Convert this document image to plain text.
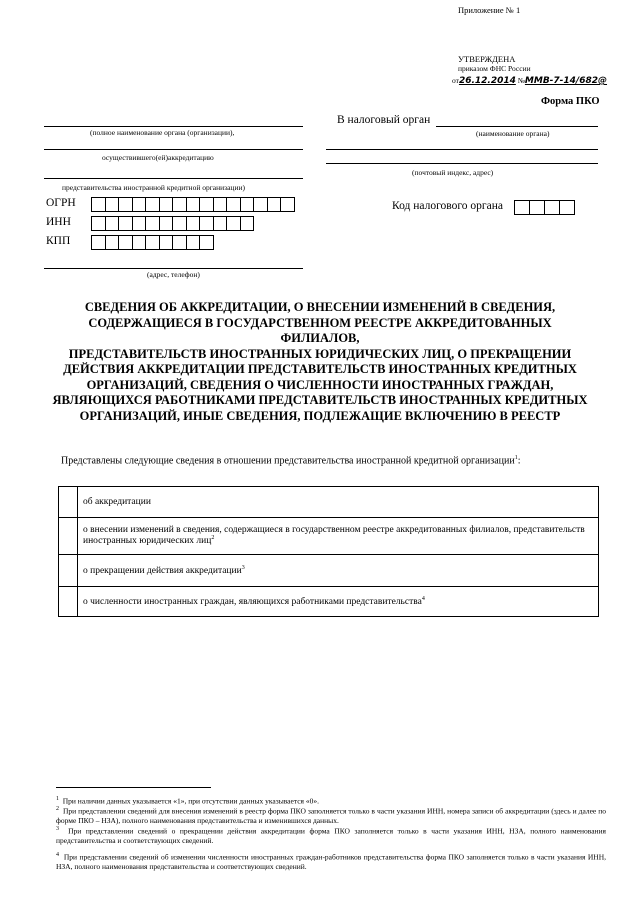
Приложение № 1
УТВЕРЖДЕНА
приказом ФНС России
от26.12.2014 №ММВ-7-14/682@
Форма ПКО
(полное наименование органа (организации),
осуществившего(ей)аккредитацию
представительства иностранной кредитной организации)
ОГРН
ИНН
КПП
(адрес, телефон)
В налоговый орган
(наименование органа)
(почтовый индекс, адрес)
Код налогового органа
СВЕДЕНИЯ ОБ АККРЕДИТАЦИИ, О ВНЕСЕНИИ ИЗМЕНЕНИЙ В СВЕДЕНИЯ,
СОДЕРЖАЩИЕСЯ В ГОСУДАРСТВЕННОМ РЕЕСТРЕ АККРЕДИТОВАННЫХ ФИЛИАЛОВ,
ПРЕДСТАВИТЕЛЬСТВ ИНОСТРАННЫХ ЮРИДИЧЕСКИХ ЛИЦ, О ПРЕКРАЩЕНИИ
ДЕЙСТВИЯ АККРЕДИТАЦИИ ПРЕДСТАВИТЕЛЬСТВ ИНОСТРАННЫХ КРЕДИТНЫХ
ОРГАНИЗАЦИЙ, СВЕДЕНИЯ О ЧИСЛЕННОСТИ ИНОСТРАННЫХ ГРАЖДАН,
ЯВЛЯЮЩИХСЯ РАБОТНИКАМИ ПРЕДСТАВИТЕЛЬСТВ ИНОСТРАННЫХ КРЕДИТНЫХ
ОРГАНИЗАЦИЙ, ИНЫЕ СВЕДЕНИЯ, ПОДЛЕЖАЩИЕ ВКЛЮЧЕНИЮ В РЕЕСТР
Представлены следующие сведения в отношении представительства иностранной кредитной организации$^1$:
	об аккредитации
	о внесении изменений в сведения, содержащиеся в государственном реестре аккредитованных филиалов, представительств иностранных юридических лиц$^2$
	о прекращении действия аккредитации$^3$
	о численности иностранных граждан, являющихся работниками представительства$^4$
$^1$ При наличии данных указывается «1», при отсутствии данных указывается «0».
$^2$ При представлении сведений для внесения изменений в реестр форма ПКО заполняется только в части указания ИНН, номера записи об аккредитации (здесь и далее по форме ПКО – НЗА), полного наименования представительства и изменившихся данных.
$^3$ При представлении сведений о прекращении действия аккредитации форма ПКО заполняется только в части указания ИНН, НЗА, полного наименования представительства и соответствующих сведений.
$^4$ При представлении сведений об изменении численности иностранных граждан-работников представительства форма ПКО заполняется только в части указания ИНН, НЗА, полного наименования представительства и соответствующих сведений.
